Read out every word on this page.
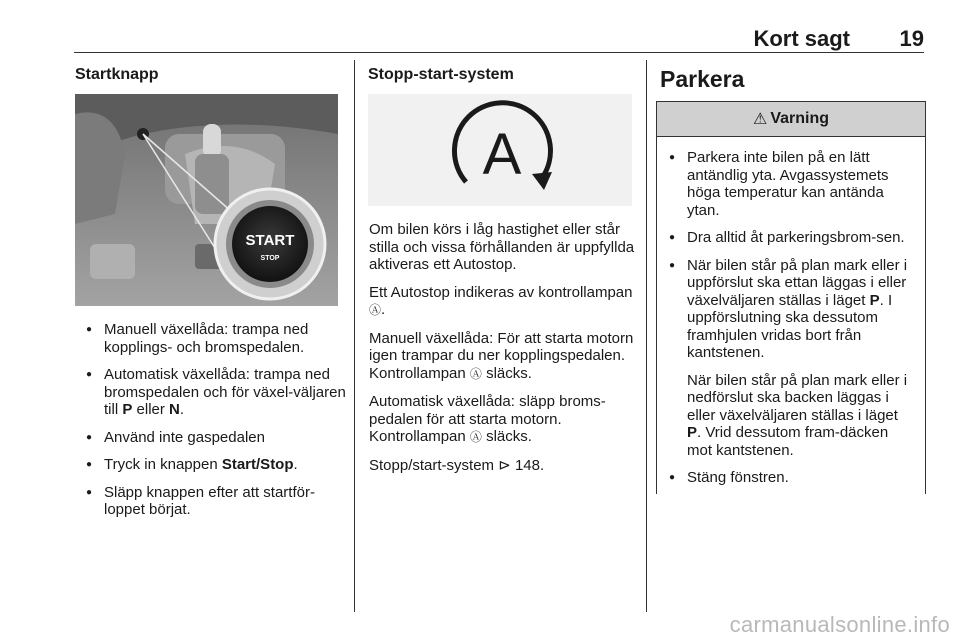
Kort sagt 19
Startknapp
START
STOP
● Manuell växellåda: trampa ned kopplings- och bromspedalen.
● Automatisk växellåda: trampa ned bromspedalen och för växel-väljaren till P eller N.
● Använd inte gaspedalen
● Tryck in knappen Start/Stop.
● Släpp knappen efter att startför-loppet börjat.
Stopp-start-system
A

Om bilen körs i låg hastighet eller står stilla och vissa förhållanden är uppfyllda aktiveras ett Autostop.

Ett Autostop indikeras av kontrollampan Ⓐ.

Manuell växellåda: För att starta motorn igen trampar du ner kopplingspedalen. Kontrollampan Ⓐ släcks.

Automatisk växellåda: släpp broms-pedalen för att starta motorn. Kontrollampan Ⓐ släcks.

Stopp/start-system ⊳ 148.

Parkera
⚠ Varning
● Parkera inte bilen på en lätt antändlig yta. Avgassystemets höga temperatur kan antända ytan.
● Dra alltid åt parkeringsbrom-sen.
● När bilen står på plan mark eller i uppförslut ska ettan läggas i eller växelväljaren ställas i läget P. I uppförslutning ska dessutom framhjulen vridas bort från kantstenen.
När bilen står på plan mark eller i nedförslut ska backen läggas i eller växelväljaren ställas i läget P. Vrid dessutom fram-däcken mot kantstenen.
● Stäng fönstren.
carmanualsonline.info
